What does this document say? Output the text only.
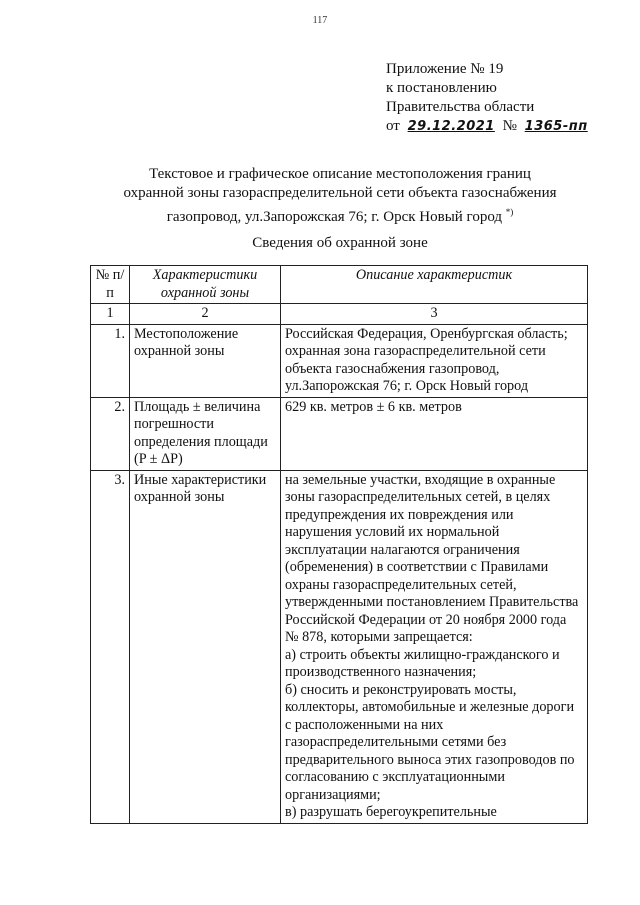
117
Приложение № 19
к постановлению
Правительства области
от 29.12.2021 № 1365-пп
Текстовое и графическое описание местоположения границ
охранной зоны газораспределительной сети объекта газоснабжения
газопровод, ул.Запорожская 76; г. Орск Новый город *)
Сведения об охранной зоне
№ п/п	Характеристики охранной зоны	Описание характеристик
1	2	3
1.	Местоположение охранной зоны	Российская Федерация, Оренбургская область; охранная зона газораспределительной сети объекта газоснабжения газопровод, ул.Запорожская 76; г. Орск Новый город
2.	Площадь ± величина погрешности определения площади (P ± ΔP)	629 кв. метров ± 6 кв. метров
3.	Иные характеристики охранной зоны	на земельные участки, входящие в охранные зоны газораспределительных сетей, в целях предупреждения их повреждения или нарушения условий их нормальной эксплуатации налагаются ограничения (обременения) в соответствии с Правилами охраны газораспределительных сетей, утвержденными постановлением Правительства Российской Федерации от 20 ноября 2000 года № 878, которыми запрещается:
а) строить объекты жилищно-гражданского и производственного назначения;
б) сносить и реконструировать мосты, коллекторы, автомобильные и железные дороги с расположенными на них газораспределительными сетями без предварительного выноса этих газопроводов по согласованию с эксплуатационными организациями;
в) разрушать берегоукрепительные
